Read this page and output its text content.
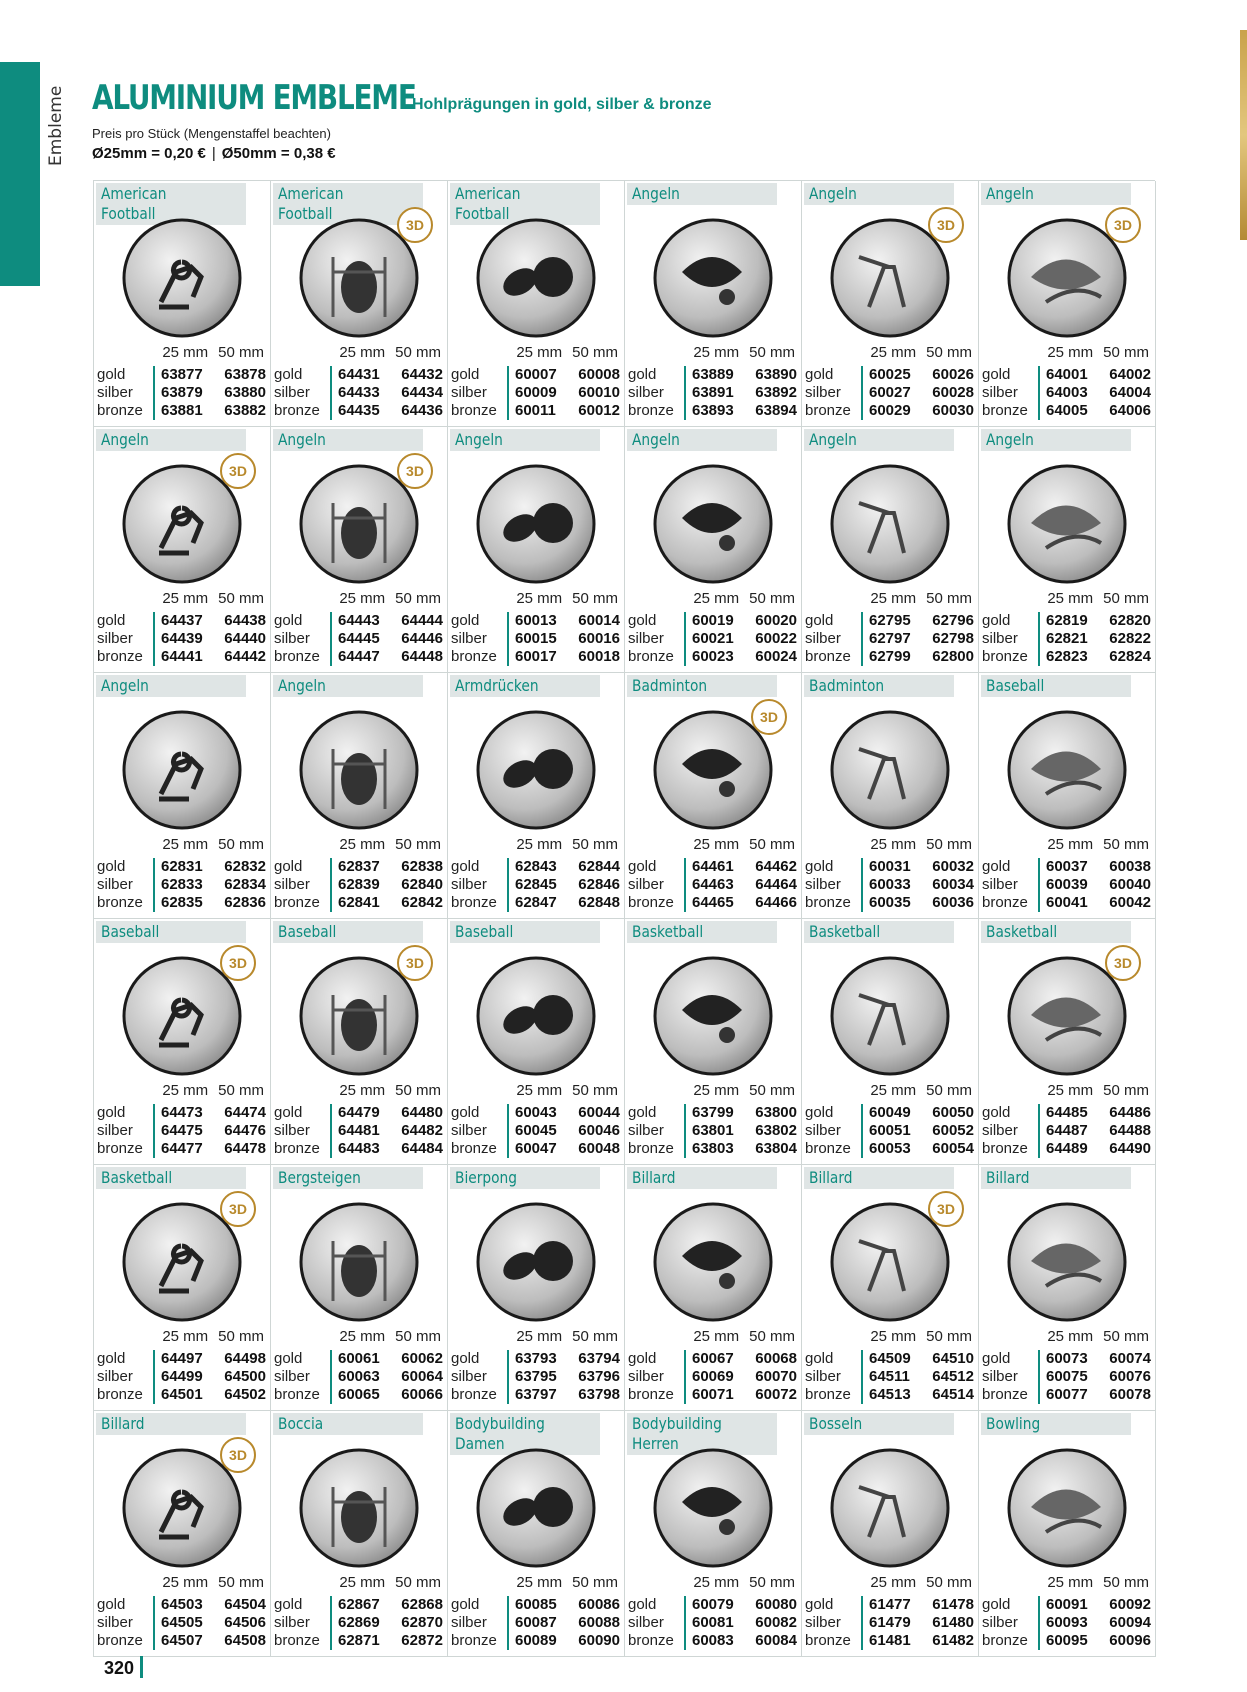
Embleme ALUMINIUM EMBLEME
Hohlprägungen in gold, silber & bronze
Preis pro Stück (Mengenstaffel beachten)
Ø25mm = 0,20 € | Ø50mm = 0,38 €
American
Football
25 mm 50 mm
gold
silber
bronze
63877 63878
63879 63880
63881 63882
American
Football
3D
25 mm 50 mm
gold
silber
bronze
64431 64432
64433 64434
64435 64436
American
Football
25 mm 50 mm
gold
silber
bronze
60007 60008
60009 60010
60011 60012
Angeln
25 mm 50 mm
gold
silber
bronze
63889 63890
63891 63892
63893 63894
Angeln
3D
25 mm 50 mm
gold
silber
bronze
60025 60026
60027 60028
60029 60030
Angeln
3D
25 mm 50 mm
gold
silber
bronze
64001 64002
64003 64004
64005 64006
Angeln
3D
25 mm 50 mm
gold
silber
bronze
64437 64438
64439 64440
64441 64442
Angeln
3D
25 mm 50 mm
gold
silber
bronze
64443 64444
64445 64446
64447 64448
Angeln
25 mm 50 mm
gold
silber
bronze
60013 60014
60015 60016
60017 60018
Angeln
25 mm 50 mm
gold
silber
bronze
60019 60020
60021 60022
60023 60024
Angeln
25 mm 50 mm
gold
silber
bronze
62795 62796
62797 62798
62799 62800
Angeln
25 mm 50 mm
gold
silber
bronze
62819 62820
62821 62822
62823 62824
Angeln
25 mm 50 mm
gold
silber
bronze
62831 62832
62833 62834
62835 62836
Angeln
25 mm 50 mm
gold
silber
bronze
62837 62838
62839 62840
62841 62842
Armdrücken
25 mm 50 mm
gold
silber
bronze
62843 62844
62845 62846
62847 62848
Badminton
3D
25 mm 50 mm
gold
silber
bronze
64461 64462
64463 64464
64465 64466
Badminton
25 mm 50 mm
gold
silber
bronze
60031 60032
60033 60034
60035 60036
Baseball
25 mm 50 mm
gold
silber
bronze
60037 60038
60039 60040
60041 60042
Baseball
3D
25 mm 50 mm
gold
silber
bronze
64473 64474
64475 64476
64477 64478
Baseball
3D
25 mm 50 mm
gold
silber
bronze
64479 64480
64481 64482
64483 64484
Baseball
25 mm 50 mm
gold
silber
bronze
60043 60044
60045 60046
60047 60048
Basketball
25 mm 50 mm
gold
silber
bronze
63799 63800
63801 63802
63803 63804
Basketball
25 mm 50 mm
gold
silber
bronze
60049 60050
60051 60052
60053 60054
Basketball
3D
25 mm 50 mm
gold
silber
bronze
64485 64486
64487 64488
64489 64490
Basketball
3D
25 mm 50 mm
gold
silber
bronze
64497 64498
64499 64500
64501 64502
Bergsteigen
25 mm 50 mm
gold
silber
bronze
60061 60062
60063 60064
60065 60066
Bierpong
25 mm 50 mm
gold
silber
bronze
63793 63794
63795 63796
63797 63798
Billard
25 mm 50 mm
gold
silber
bronze
60067 60068
60069 60070
60071 60072
Billard
3D
25 mm 50 mm
gold
silber
bronze
64509 64510
64511 64512
64513 64514
Billard
25 mm 50 mm
gold
silber
bronze
60073 60074
60075 60076
60077 60078
Billard
3D
25 mm 50 mm
gold
silber
bronze
64503 64504
64505 64506
64507 64508
Boccia
25 mm 50 mm
gold
silber
bronze
62867 62868
62869 62870
62871 62872
Bodybuilding
Damen
25 mm 50 mm
gold
silber
bronze
60085 60086
60087 60088
60089 60090
Bodybuilding
Herren
25 mm 50 mm
gold
silber
bronze
60079 60080
60081 60082
60083 60084
Bosseln
25 mm 50 mm
gold
silber
bronze
61477 61478
61479 61480
61481 61482
Bowling
25 mm 50 mm
gold
silber
bronze
60091 60092
60093 60094
60095 60096
320
